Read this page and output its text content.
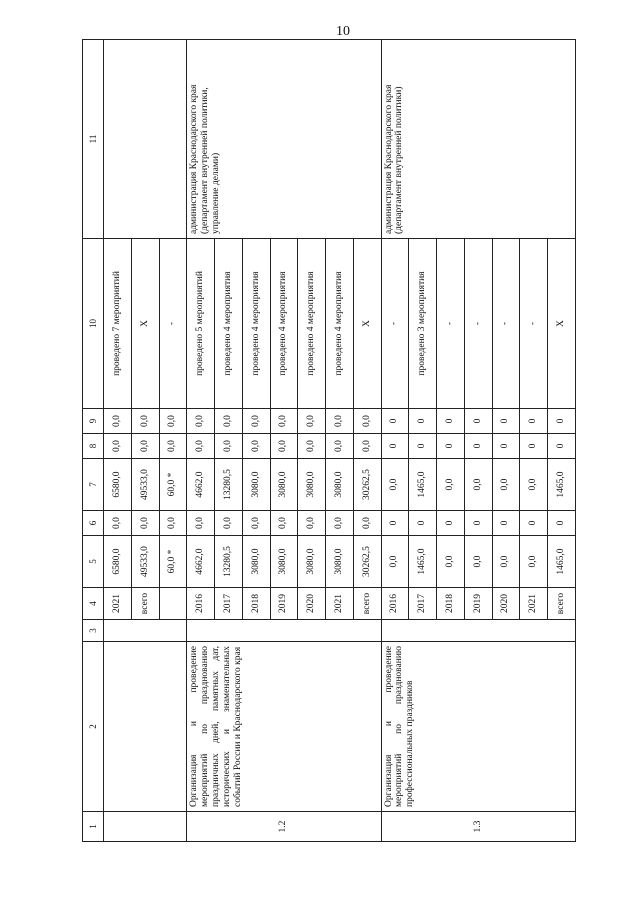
10
1	2	3	4	5	6	7	8	9	10	11
			2021	6580,0	0,0	6580,0	0,0	0,0	проведено 7 мероприятий	
			всего	49533,0	0,0	49533,0	0,0	0,0	X	
				60,0 *	0,0	60,0 *	0,0	0,0	-	
1.2	Организация и проведение мероприятий по празднованию праздничных дней, памятных дат, исторических и знаменательных событий России и Краснодарского края		2016	4662,0	0,0	4662,0	0,0	0,0	проведено 5 мероприятий	администрация Краснодарского края (департамент внутренней политики, управление делами)
			2017	13280,5	0,0	13280,5	0,0	0,0	проведено 4 мероприятия	
			2018	3080,0	0,0	3080,0	0,0	0,0	проведено 4 мероприятия	
			2019	3080,0	0,0	3080,0	0,0	0,0	проведено 4 мероприятия	
			2020	3080,0	0,0	3080,0	0,0	0,0	проведено 4 мероприятия	
			2021	3080,0	0,0	3080,0	0,0	0,0	проведено 4 мероприятия	
			всего	30262,5	0,0	30262,5	0,0	0,0	X	
1.3	Организация и проведение мероприятий по празднованию профессиональных праздников		2016	0,0	0	0,0	0	0	-	администрация Краснодарского края (департамент внутренней политики)
			2017	1465,0	0	1465,0	0	0	проведено 3 мероприятия	
			2018	0,0	0	0,0	0	0	-	
			2019	0,0	0	0,0	0	0	-	
			2020	0,0	0	0,0	0	0	-	
			2021	0,0	0	0,0	0	0	-	
			всего	1465,0	0	1465,0	0	0	X	
